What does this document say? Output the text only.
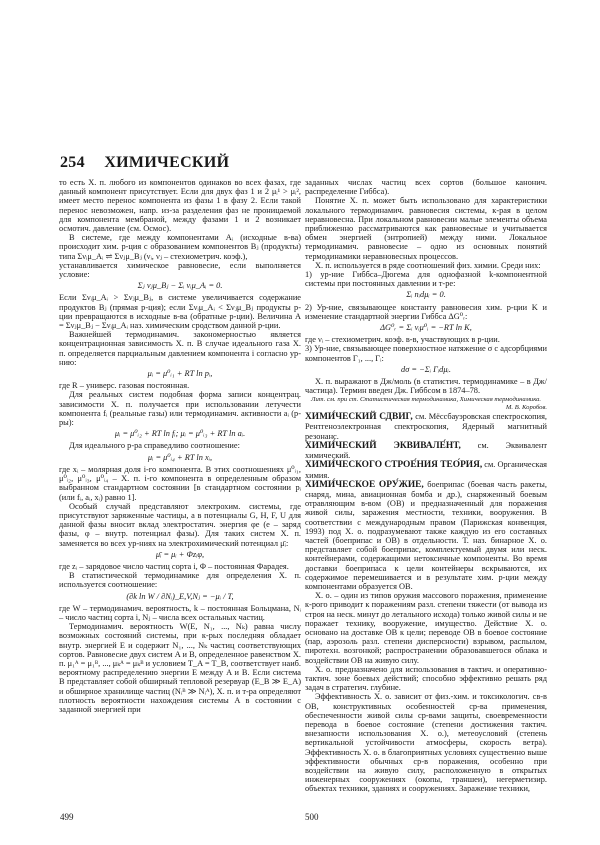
254 ХИМИЧЕСКИЙ

то есть Х. п. любого из компонентов одинаков во всех фазах, где данный компонент присутствует. Если для двух фаз 1 и 2 μᵢ¹ > μᵢ², имеет место перенос компонента из фазы 1 в фазу 2. Если такой перенос невозможен, напр. из-за разделения фаз не проницаемой для компонента мембраной, между фазами 1 и 2 возникает осмотич. давление (см. Осмос).

В системе, где между компонентами Aᵢ (исходные в-ва) происходит хим. р-ция с образованием компонентов Bⱼ (продукты) типа Σνᵢμ_Aᵢ ⇌ Σνⱼμ_Bⱼ (νᵢ, νⱼ – стехиометрич. коэф.),

устанавливается химическое равновесие, если выполняется условие:

Σⱼ νⱼμ_Bⱼ − Σᵢ νᵢμ_Aᵢ = 0.

Если Σνᵢμ_Aᵢ > Σνⱼμ_Bⱼ, в системе увеличивается содержание продуктов Bⱼ (прямая р-ция); если Σνᵢμ_Aᵢ < Σνⱼμ_Bⱼ продукты р-ции превращаются в исходные в-ва (обратные р-ции). Величина A = Σνⱼμ_Bⱼ − Σνᵢμ_Aᵢ наз. химическим сродством данной р-ции.

Важнейшей термодинамич. закономерностью является концентрационная зависимость Х. п. В случае идеального газа Х. п. определяется парциальным давлением компонента i согласно ур-нию:

μᵢ = μ⁰ᵢ₁ + RT ln pᵢ,

где R – универс. газовая постоянная.

Для реальных систем подобная форма записи концентрац. зависимости Х. п. получается при использовании летучести компонента fᵢ (реальные газы) или термодинамич. активности aᵢ (р-ры):

μᵢ = μ⁰ᵢ₂ + RT ln fᵢ; μᵢ = μ⁰ᵢ₃ + RT ln aᵢ.

Для идеального р-ра справедливо соотношение:

μᵢ = μ⁰ᵢ₄ + RT ln xᵢ,

где xᵢ – молярная доля i-го компонента. В этих соотношениях μ⁰ᵢ₁, μ⁰ᵢ₂, μ⁰ᵢ₃, μ⁰ᵢ₄ – Х. п. i-го компонента в определенным образом выбранном стандартном состоянии [в стандартном состоянии pᵢ (или fᵢ, aᵢ, xᵢ) равно 1].

Особый случай представляют электрохим. системы, где присутствуют заряженные частицы, а в потенциалы G, H, F, U для данной фазы вносит вклад электростатич. энергия φe (e – заряд фазы, φ – внутр. потенциал фазы). Для таких систем Х. п. заменяется во всех ур-ниях на электрохимический потенциал μ̄ᵢ:

μ̄ᵢ = μᵢ + Φzᵢφ,

где zᵢ – зарядовое число частиц сорта i, Φ – постоянная Фарадея.

В статистической термодинамике для определения Х. п. используется соотношение:

(∂k ln W / ∂Nᵢ)_E,V,Nⱼ = −μᵢ / T,

где W – термодинамич. вероятность, k – постоянная Больцмана, Nᵢ – число частиц сорта i, Nⱼ – числа всех остальных частиц.

Термодинамич. вероятность W(E, N₁, ..., Nₖ) равна числу возможных состояний системы, при к-рых последняя обладает внутр. энергией E и содержит N₁, ..., Nₖ частиц соответствующих сортов. Равновесие двух систем A и B, определенное равенством Х. п. μ₁ᴬ = μ₁ᴮ, ..., μₖᴬ = μₖᴮ и условием T_A = T_B, соответствует наиб. вероятному распределению энергии E между A и B. Если система B представляет собой обширный тепловой резервуар (E_B ≫ E_A) и обширное хранилище частиц (Nᵢᴮ ≫ Nᵢᴬ), Х. п. и т-ра определяют плотность вероятности нахождения системы A в состоянии с заданной энергией при

заданных числах частиц всех сортов (большое канонич. распределение Гиббса).

Понятие Х. п. может быть использовано для характеристики локального термодинамич. равновесия системы, к-рая в целом неравновесна. При локальном равновесии малые элементы объема приближенно рассматриваются как равновесные и учитывается обмен энергией (энтропией) между ними. Локальное термодинамич. равновесие – одно из основных понятий термодинамики неравновесных процессов.

Х. п. используется в ряде соотношений физ. химии. Среди них:

1) ур-ние Гиббса–Дюгема для однофазной k-компонентной системы при постоянных давлении и т-ре:

Σᵢ nᵢdμᵢ = 0.

2) Ур-ние, связывающее константу равновесия хим. р-ции K и изменение стандартной энергии Гиббса ΔG⁰ᵣ:

ΔG⁰ᵣ = Σᵢ νᵢμ⁰ᵢ = −RT ln K,

где νᵢ – стехиометрич. коэф. в-в, участвующих в р-ции.

3) Ур-ние, связывающее поверхностное натяжение σ с адсорбциями компонентов Γ₁, ..., Γᵢ:

dσ = −Σᵢ Γᵢdμᵢ.

Х. п. выражают в Дж/моль (в статистич. термодинамике – в Дж/частица). Термин введен Дж. Гиббсом в 1874–78.

Лит. см. при ст. Статистическая термодинамика, Химическая термодинамика.
М. В. Коробов.

ХИМИ́ЧЕСКИЙ СДВИГ, см. Мёссбауэровская спектроскопия, Рентгеноэлектронная спектроскопия, Ядерный магнитный резонанс.

ХИМИ́ЧЕСКИЙ ЭКВИВАЛЕ́НТ, см. Эквивалент химический.

ХИМИ́ЧЕСКОГО СТРОЕ́НИЯ ТЕО́РИЯ, см. Органическая химия.

ХИМИ́ЧЕСКОЕ ОРУ́ЖИЕ, боеприпас (боевая часть ракеты, снаряд, мина, авиационная бомба и др.), снаряженный боевым отравляющим в-вом (ОВ) и предназначенный для поражения живой силы, заражения местности, техники, вооружения. В соответствии с международным правом (Парижская конвенция, 1993) под Х. о. подразумевают также каждую из его составных частей (боеприпас и ОВ) в отдельности. Т. наз. бинарное Х. о. представляет собой боеприпас, комплектуемый двумя или неск. контейнерами, содержащими нетоксичные компоненты. Во время доставки боеприпаса к цели контейнеры вскрываются, их содержимое перемешивается и в результате хим. р-ции между компонентами образуется ОВ.

Х. о. – один из типов оружия массового поражения, применение к-рого приводит к поражениям разл. степени тяжести (от вывода из строя на неск. минут до летального исхода) только живой силы и не поражает технику, вооружение, имущество. Действие Х. о. основано на доставке ОВ к цели; переводе ОВ в боевое состояние (пар, аэрозоль разл. степени дисперсности) взрывом, распылом, пиротехн. возгонкой; распространении образовавшегося облака и воздействии ОВ на живую силу.

Х. о. предназначено для использования в тактич. и оперативно-тактич. зоне боевых действий; способно эффективно решать ряд задач в стратегич. глубине.

Эффективность Х. о. зависит от физ.-хим. и токсикологич. св-в ОВ, конструктивных особенностей ср-ва применения, обеспеченности живой силы ср-вами защиты, своевременности перевода в боевое состояние (степени достижения тактич. внезапности использования Х. о.), метеоусловий (степень вертикальной устойчивости атмосферы, скорость ветра). Эффективность Х. о. в благоприятных условиях существенно выше эффективности обычных ср-в поражения, особенно при воздействии на живую силу, расположенную в открытых инженерных сооружениях (окопы, траншеи), негерметизир. объектах техники, зданиях и сооружениях. Заражение техники,

499	500
